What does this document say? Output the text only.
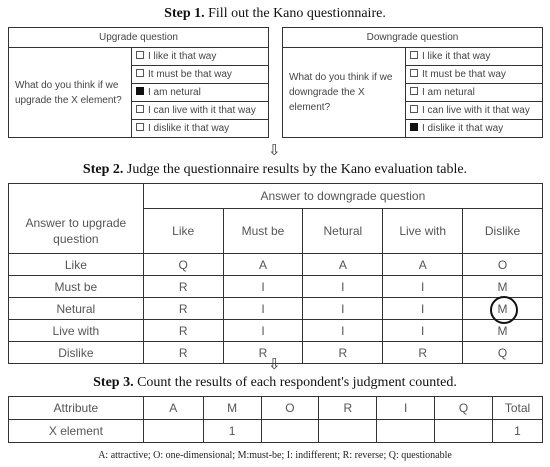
Step 1. Fill out the Kano questionnaire.
Upgrade question
What do you think if we upgrade the X element?	I like it that way
It must be that way
I am netural
I can live with it that way
I dislike it that way
Downgrade question
What do you think if we downgrade the X element?	I like it that way
It must be that way
I am netural
I can live with it that way
I dislike it that way
⇩
Step 2. Judge the questionnaire results by the Kano evaluation table.
	Answer to downgrade question				
Answer to upgrade question	Like	Must be	Netural	Live with	Dislike
Like	Q	A	A	A	O
Must be	R	I	I	I	M
Netural	R	I	I	I	M
Live with	R	I	I	I	M
Dislike	R	R	R	R	Q
⇩
Step 3. Count the results of each respondent's judgment counted.
Attribute	A	M	O	R	I	Q	Total
X element		1					1
A: attractive; O: one-dimensional; M:must-be; I: indifferent; R: reverse; Q: questionable
